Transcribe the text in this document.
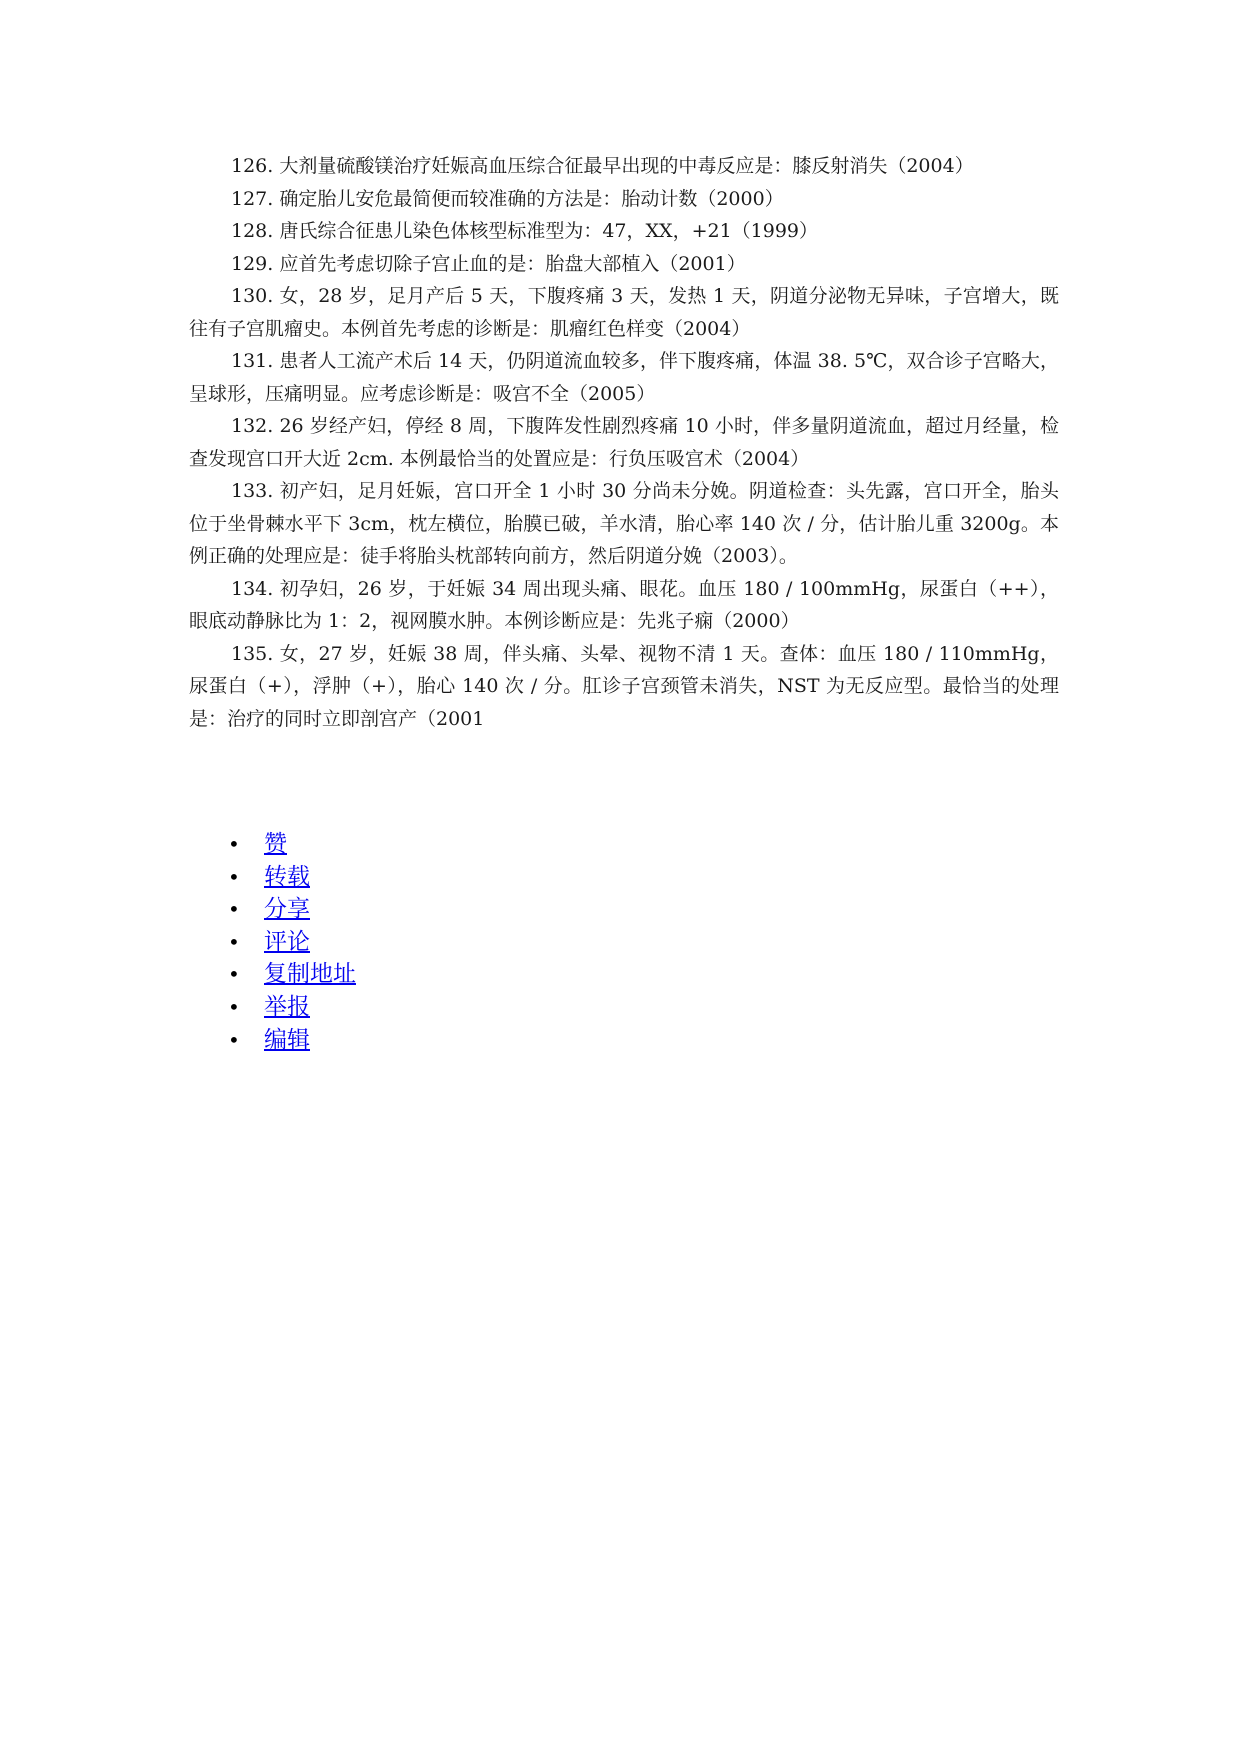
126. 大剂量硫酸镁治疗妊娠高血压综合征最早出现的中毒反应是：膝反射消失（2004）

127. 确定胎儿安危最简便而较准确的方法是：胎动计数（2000）

128. 唐氏综合征患儿染色体核型标准型为：47，XX，+21（1999）

129. 应首先考虑切除子宫止血的是：胎盘大部植入（2001）

130. 女，28 岁，足月产后 5 天，下腹疼痛 3 天，发热 1 天，阴道分泌物无异味，子宫增大，既往有子宫肌瘤史。本例首先考虑的诊断是：肌瘤红色样变（2004）

131. 患者人工流产术后 14 天，仍阴道流血较多，伴下腹疼痛，体温 38. 5℃，双合诊子宫略大，呈球形，压痛明显。应考虑诊断是：吸宫不全（2005）

132. 26 岁经产妇，停经 8 周，下腹阵发性剧烈疼痛 10 小时，伴多量阴道流血，超过月经量，检查发现宫口开大近 2cm. 本例最恰当的处置应是：行负压吸宫术（2004）

133. 初产妇，足月妊娠，宫口开全 1 小时 30 分尚未分娩。阴道检查：头先露，宫口开全，胎头位于坐骨棘水平下 3cm，枕左横位，胎膜已破，羊水清，胎心率 140 次 / 分，估计胎儿重 3200g。本例正确的处理应是：徒手将胎头枕部转向前方，然后阴道分娩（2003）。

134. 初孕妇，26 岁，于妊娠 34 周出现头痛、眼花。血压 180 / 100mmHg，尿蛋白（++），眼底动静脉比为 1：2，视网膜水肿。本例诊断应是：先兆子痫（2000）

135. 女，27 岁，妊娠 38 周，伴头痛、头晕、视物不清 1 天。查体：血压 180 / 110mmHg，尿蛋白（+），浮肿（+），胎心 140 次 / 分。肛诊子宫颈管未消失，NST 为无反应型。最恰当的处理是：治疗的同时立即剖宫产（2001

• 赞
• 转载
• 分享
• 评论
• 复制地址
• 举报
• 编辑
